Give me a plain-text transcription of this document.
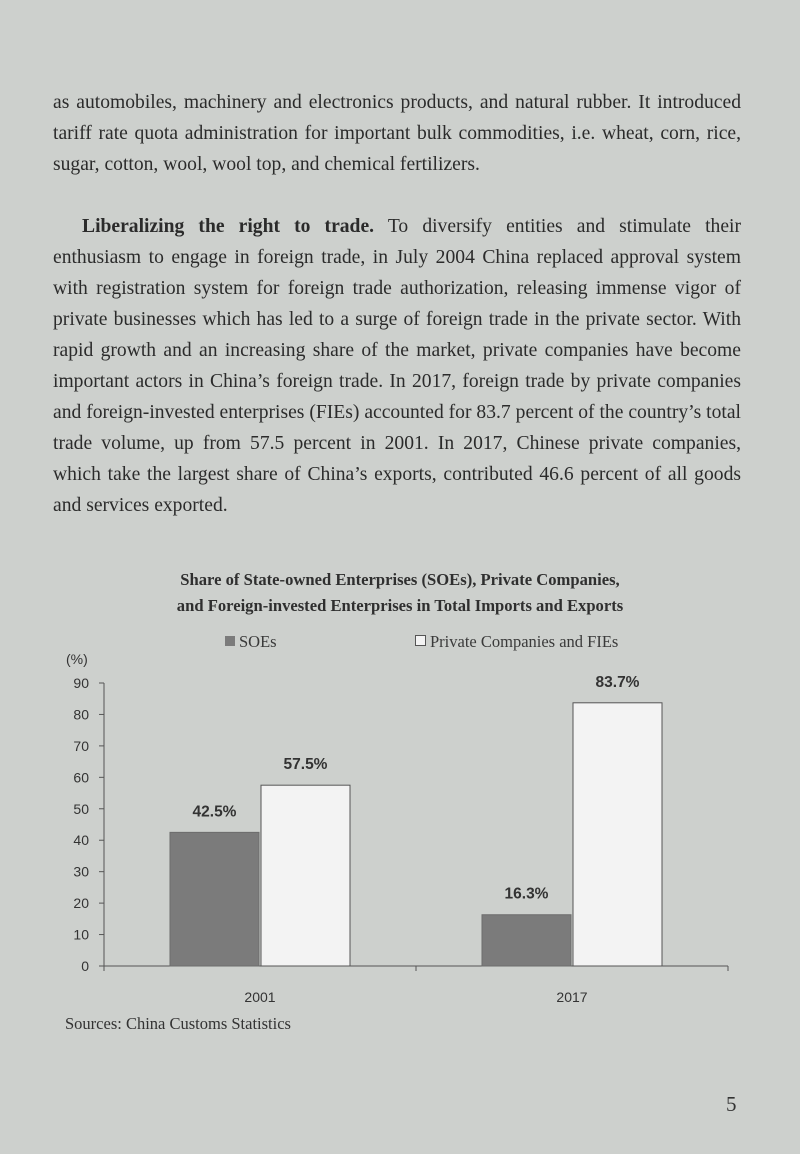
as automobiles, machinery and electronics products, and natural rubber. It introduced tariff rate quota administration for important bulk commodities, i.e. wheat, corn, rice, sugar, cotton, wool, wool top, and chemical fertilizers.

Liberalizing the right to trade. To diversify entities and stimulate their enthusiasm to engage in foreign trade, in July 2004 China replaced approval system with registration system for foreign trade authorization, releasing immense vigor of private businesses which has led to a surge of foreign trade in the private sector. With rapid growth and an increasing share of the market, private companies have become important actors in China’s foreign trade. In 2017, foreign trade by private companies and foreign-invested enterprises (FIEs) accounted for 83.7 percent of the country’s total trade volume, up from 57.5 percent in 2001. In 2017, Chinese private companies, which take the largest share of China’s exports, contributed 46.6 percent of all goods and services exported.

Share of State-owned Enterprises (SOEs), Private Companies,
and Foreign-invested Enterprises in Total Imports and Exports
SOEs	Private Companies and FIEs
(%)
0
10
20
30
40
50
60
70
80
90
2001
42.5%
57.5%
2017
16.3%
83.7%
Sources: China Customs Statistics
5
